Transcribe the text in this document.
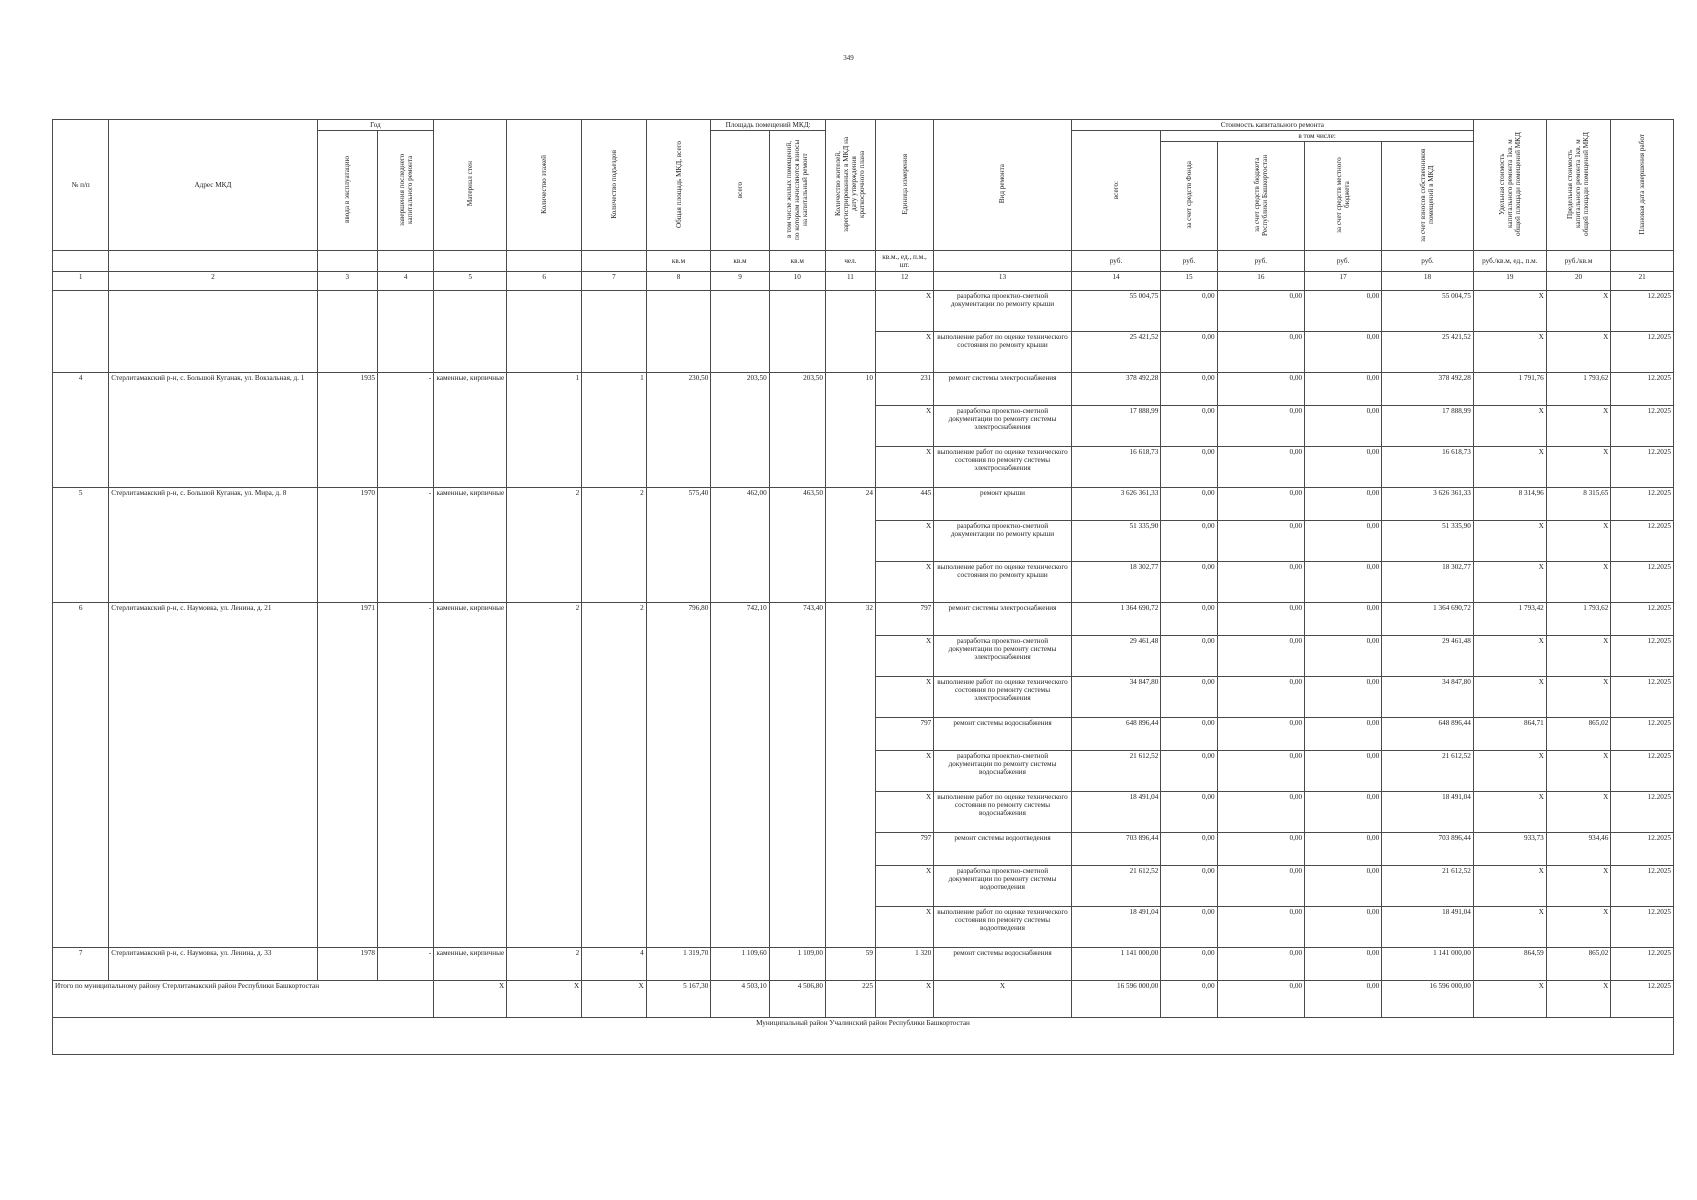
349
№ п/п	Адрес МКД	Год		Материал стен	Количество этажей	Количество подъездов	Общая площадь МКД, всего	Площадь помещений МКД:		Количество жителей, зарегистрированных в МКД на дату утверждения краткосрочного плана	Единица измерения	Вид ремонта	Стоимость капитального ремонта					Удельная стоимость капитального ремонта 1кв. м общей площади помещений МКД	Предельная стоимость капитального ремонта 1кв. м общей площади помещений МКД	Плановая дата завершения работ
		ввода в эксплуатацию	завершения последнего капитального ремонта					всего	в том числе жилых помещений, по которым начисляются взносы на капитальный ремонт				всего:	в том числе:						
														за счет средств Фонда	за счет средств бюджета Республики Башкортостан	за счет средств местного бюджета	за счет взносов собственников помещений в МКД			
							кв.м	кв.м	кв.м	чел.	кв.м., ед., п.м., шт.		руб.	руб.	руб.	руб.	руб.	руб./кв.м, ед., п.м.	руб./кв.м	
1	2	3	4	5	6	7	8	9	10	11	12	13	14	15	16	17	18	19	20	21
											Х	разработка проектно-сметной документации по ремонту крыши	55 004,75	0,00	0,00	0,00	55 004,75	Х	Х	12.2025
											Х	выполнение работ по оценке технического состояния по ремонту крыши	25 421,52	0,00	0,00	0,00	25 421,52	Х	Х	12.2025
4	Стерлитамакский р-н, с. Большой Куганак, ул. Вокзальная, д. 1	1935	-	каменные, кирпичные	1	1	230,50	203,50	203,50	10	231	ремонт системы электроснабжения	378 492,28	0,00	0,00	0,00	378 492,28	1 791,76	1 793,62	12.2025
											Х	разработка проектно-сметной документации по ремонту системы электроснабжения	17 888,99	0,00	0,00	0,00	17 888,99	Х	Х	12.2025
											Х	выполнение работ по оценке технического состояния по ремонту системы электроснабжения	16 618,73	0,00	0,00	0,00	16 618,73	Х	Х	12.2025
5	Стерлитамакский р-н, с. Большой Куганак, ул. Мира, д. 8	1970	-	каменные, кирпичные	2	2	575,40	462,00	463,50	24	445	ремонт крыши	3 626 361,33	0,00	0,00	0,00	3 626 361,33	8 314,96	8 315,65	12.2025
											Х	разработка проектно-сметной документации по ремонту крыши	51 335,90	0,00	0,00	0,00	51 335,90	Х	Х	12.2025
											Х	выполнение работ по оценке технического состояния по ремонту крыши	18 302,77	0,00	0,00	0,00	18 302,77	Х	Х	12.2025
6	Стерлитамакский р-н, с. Наумовка, ул. Ленина, д. 21	1971	-	каменные, кирпичные	2	2	796,80	742,10	743,40	32	797	ремонт системы электроснабжения	1 364 690,72	0,00	0,00	0,00	1 364 690,72	1 793,42	1 793,62	12.2025
											Х	разработка проектно-сметной документации по ремонту системы электроснабжения	29 461,48	0,00	0,00	0,00	29 461,48	Х	Х	12.2025
											Х	выполнение работ по оценке технического состояния по ремонту системы электроснабжения	34 847,80	0,00	0,00	0,00	34 847,80	Х	Х	12.2025
											797	ремонт системы водоснабжения	648 896,44	0,00	0,00	0,00	648 896,44	864,71	865,02	12.2025
											Х	разработка проектно-сметной документации по ремонту системы водоснабжения	21 612,52	0,00	0,00	0,00	21 612,52	Х	Х	12.2025
											Х	выполнение работ по оценке технического состояния по ремонту системы водоснабжения	18 491,04	0,00	0,00	0,00	18 491,04	Х	Х	12.2025
											797	ремонт системы водоотведения	703 896,44	0,00	0,00	0,00	703 896,44	933,73	934,46	12.2025
											Х	разработка проектно-сметной документации по ремонту системы водоотведения	21 612,52	0,00	0,00	0,00	21 612,52	Х	Х	12.2025
											Х	выполнение работ по оценке технического состояния по ремонту системы водоотведения	18 491,04	0,00	0,00	0,00	18 491,04	Х	Х	12.2025
7	Стерлитамакский р-н, с. Наумовка, ул. Ленина, д. 33	1978	-	каменные, кирпичные	2	4	1 319,70	1 109,60	1 109,00	59	1 320	ремонт системы водоснабжения	1 141 000,00	0,00	0,00	0,00	1 141 000,00	864,59	865,02	12.2025
Итого по муниципальному району Стерлитамакский район Республики Башкортостан				Х	Х	Х	5 167,30	4 503,10	4 506,80	225	Х	Х	16 596 000,00	0,00	0,00	0,00	16 596 000,00	Х	Х	12.2025
Муниципальный район Учалинский район Республики Башкортостан																				
